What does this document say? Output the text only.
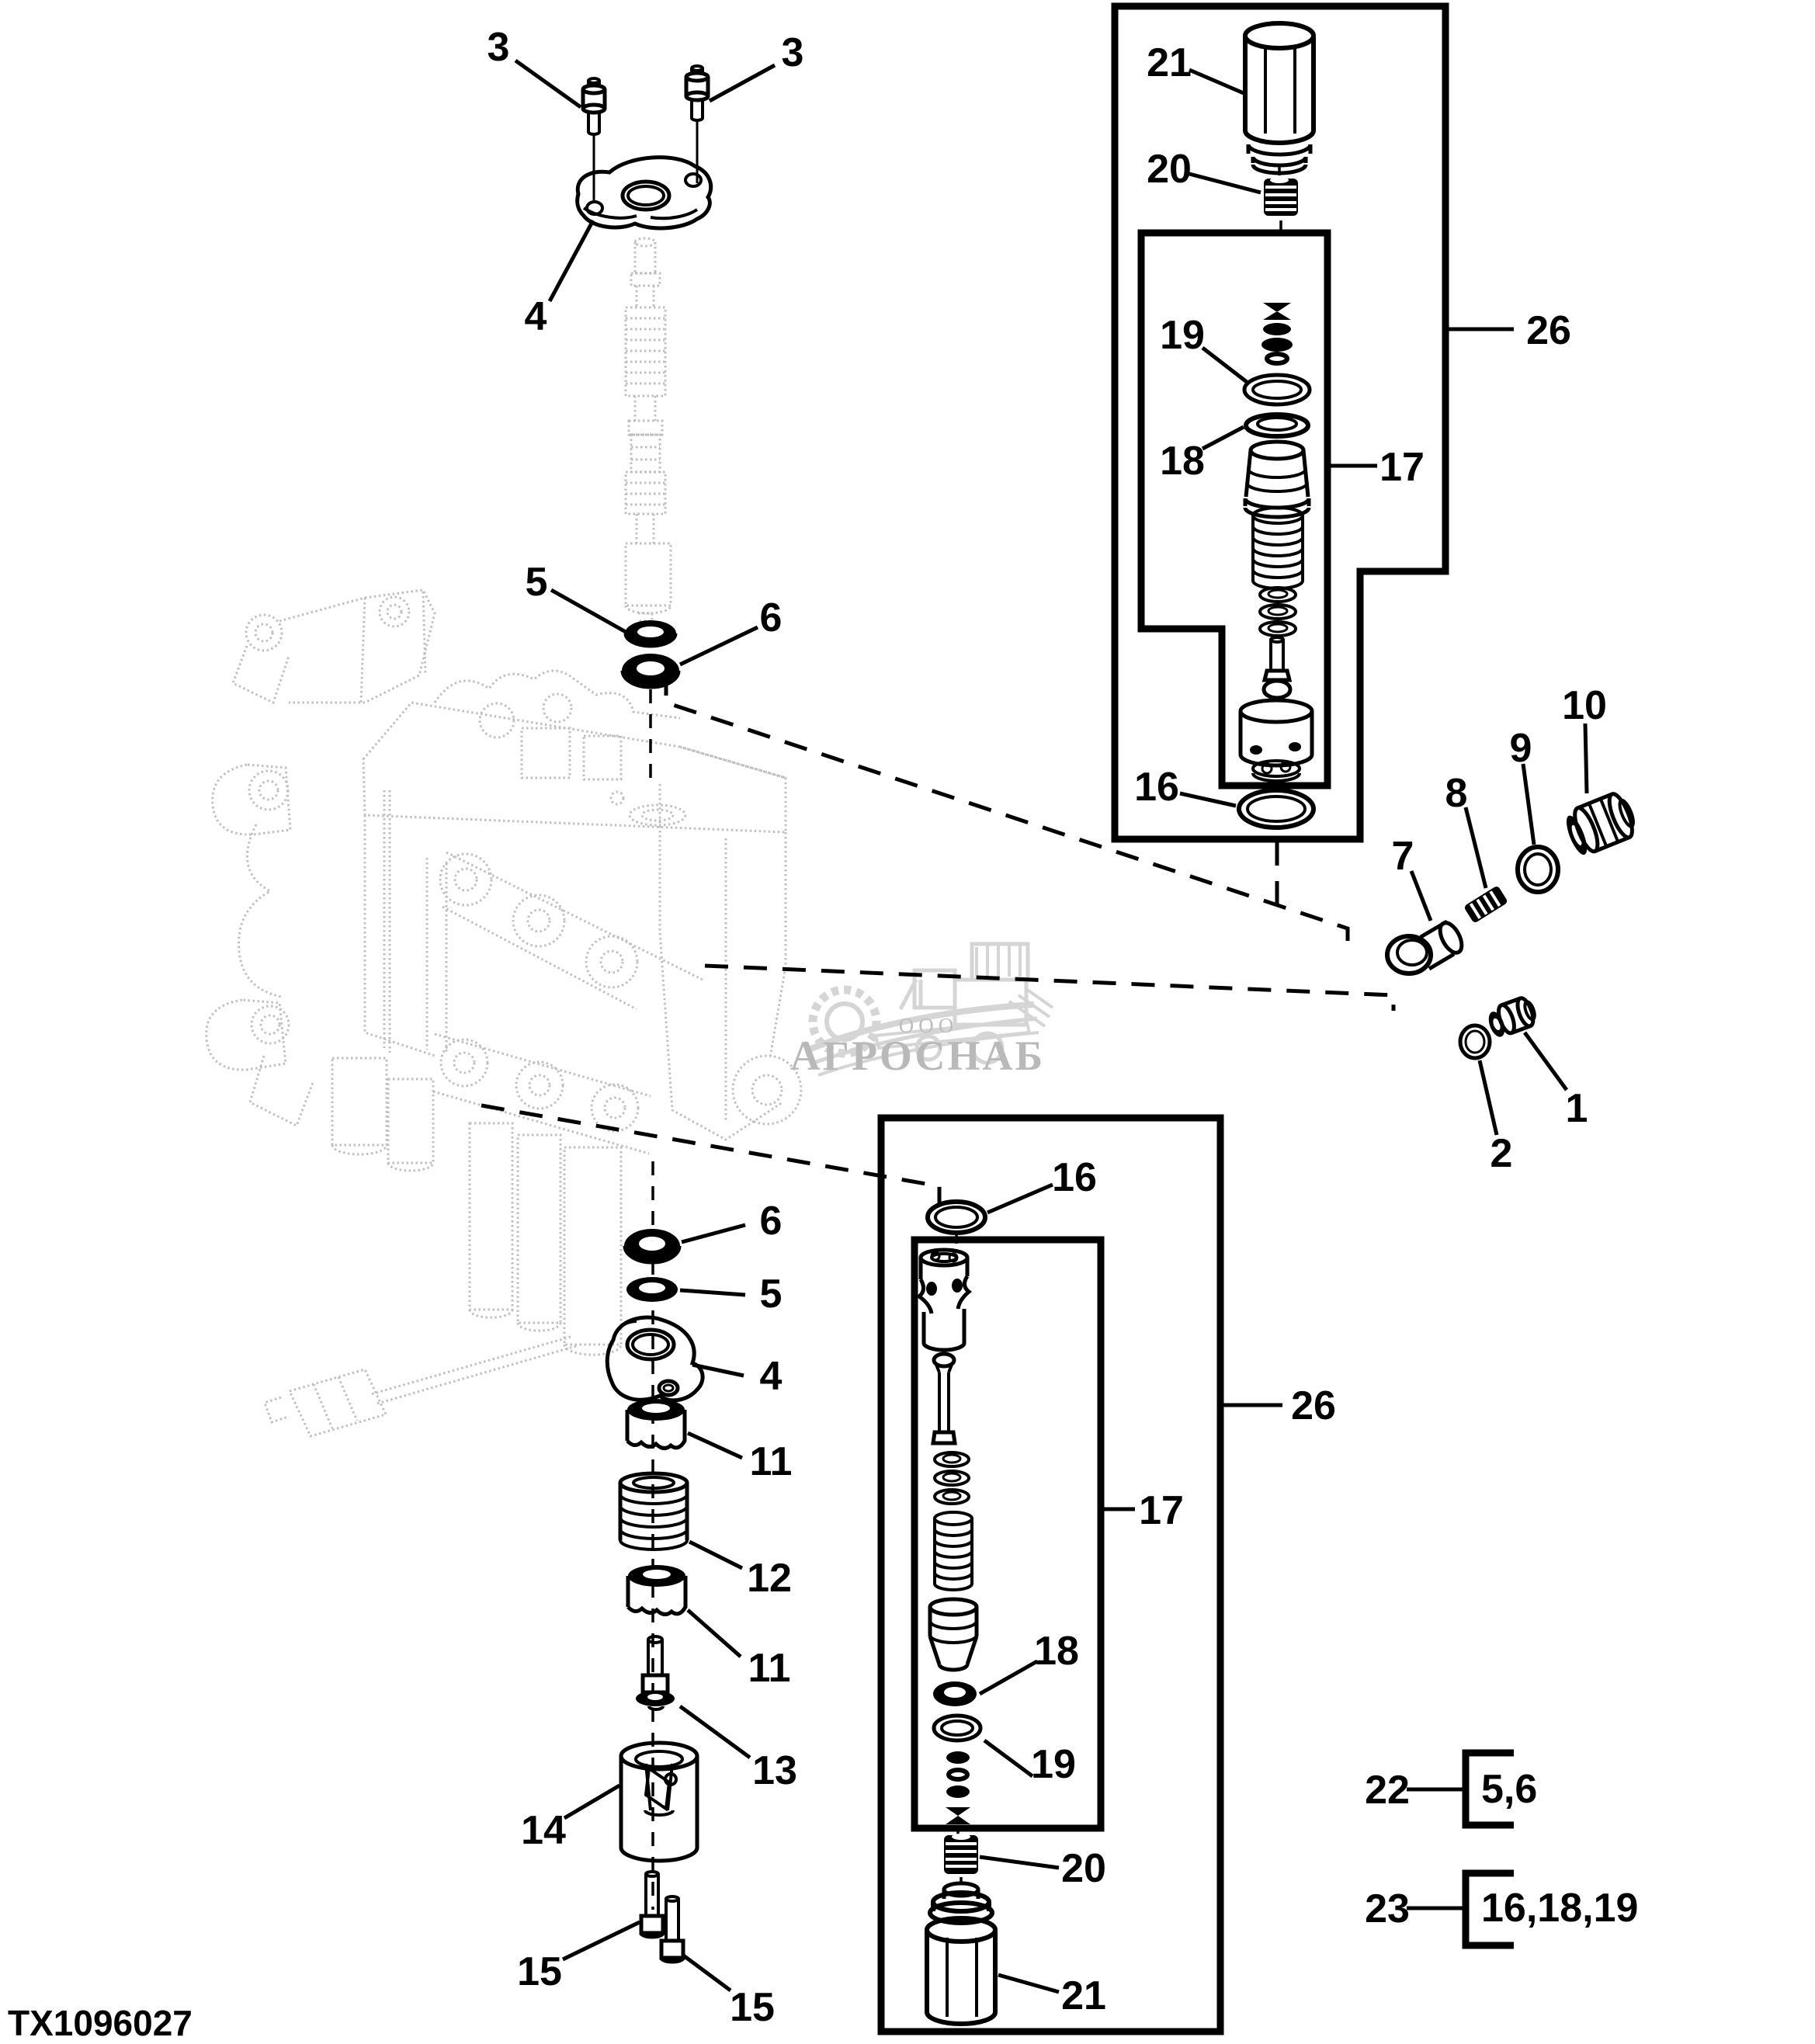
ООО
АГРОСНАБ
3	3
4
5
6
21
20
19
18	17
26
16
7
8
9
10
1
2
16
17
26
18
19
20
21
6
5
4
11
12
11
13
14
15
15
22 5,6
23 16,18,19
TX1096027
